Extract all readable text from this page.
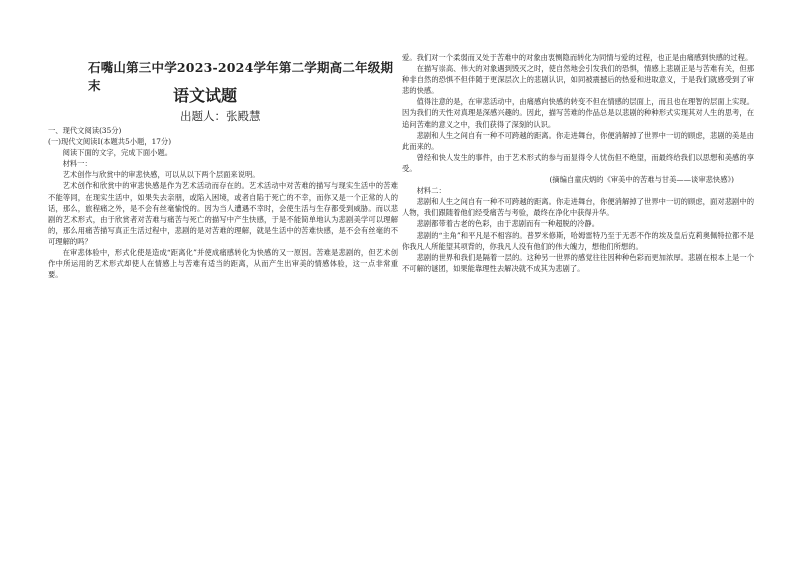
石嘴山第三中学2023-2024学年第二学期高二年级期末
语文试题
出题人：张殿慧

一、现代文阅读(35分)

(一)现代文阅读Ⅰ(本题共5小题，17分)

阅读下面的文字，完成下面小题。

材料一：

艺术创作与欣赏中的审悲快感，可以从以下两个层面来说明。

艺术创作和欣赏中的审悲快感是作为艺术活动而存在的。艺术活动中对苦难的描写与现实生活中的苦难不能等同，在现实生活中，如果失去亲朋，或陷入困境，或者自陷于死亡的不幸，而你又是一个正常的人的话，那么，旅程痛之外，是不会有丝毫愉悦的。因为当人遭遇不幸时，会使生活与生存都受到威胁。而以悲剧的艺术形式，由于欣赏者对苦难与痛苦与死亡的描写中产生快感，于是不能简单地认为悲剧美学可以理解的，那么用痛苦描写真正生活过程中，悲剧的是对苦难的理解，就是生活中的苦难快感，是不会有丝毫的不可理解的吗？

在审悲体验中，形式化使是造成“距离化”并使成痛感转化为快感的又一原因。苦难是悲剧的，但艺术创作中所运用的艺术形式却使人在情感上与苦难有适当的距离，从而产生出审美的情感体验，这一点非常重要。

爱。我们对一个柔弱而又处于苦难中的对象由衷恻隐而转化为同情与爱的过程，也正是由痛感到快感的过程。

在描写崇高、伟大的对象遇到毁灭之时，使自然地会引发我们的恐惧，情感上悲剧正是与苦难有关，但那种非自然的恐惧不但伴随于更深层次上的悲剧认识，如同被震撼后的热爱和进取意义，于是我们就感受到了审悲的快感。

值得注意的是，在审悲活动中，由痛感向快感的转变不但在情感的层面上，而且也在理智的层面上实现。因为我们的天性对真理是深感兴趣的。因此，描写苦难的作品总是以悲剧的种种形式实现其对人生的思考，在追问苦难的意义之中，我们获得了深刻的认识。

悲剧和人生之间自有一种不可跨越的距离。你走进舞台，你便消解掉了世界中一切的顾虑，悲剧的美是由此而来的。

曾经和快人发生的事件，由于艺术形式的参与而显得令人忧伤但不绝望，而最终给我们以思想和美感的享受。

(摘编自童庆炳的《审美中的苦难与甘美——谈审悲快感》)

材料二：

悲剧和人生之间自有一种不可跨越的距离。你走进舞台，你便消解掉了世界中一切的顾虑，面对悲剧中的人物，我们跟随着他们经受痛苦与考验，最终在净化中获得升华。

悲剧都带着古老的色彩，由于悲剧而有一种超脱的冷静。

悲剧的“主角”和平凡是不相容的。普罗米修斯，哈姆雷特乃至于无恶不作的埃及皇后克莉奥佩特拉都不是你我凡人所能望其项背的，你我凡人没有他们的伟大魄力，想他们所想的。

悲剧的世界和我们是隔着一层的。这种另一世界的感觉往往因种种色彩而更加浓厚。悲剧在根本上是一个不可解的谜团，如果能靠理性去解决就不成其为悲剧了。
